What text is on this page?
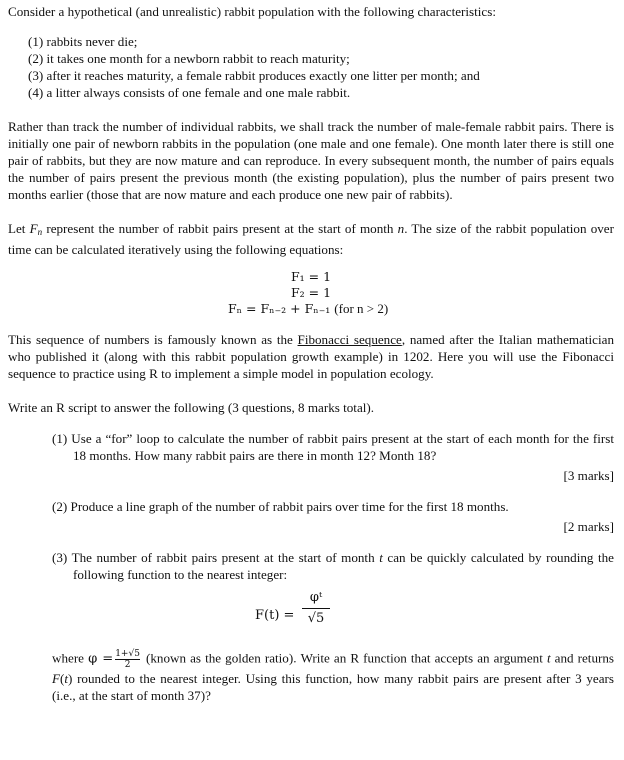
Consider a hypothetical (and unrealistic) rabbit population with the following characteristics:

(1) rabbits never die;
(2) it takes one month for a newborn rabbit to reach maturity;
(3) after it reaches maturity, a female rabbit produces exactly one litter per month; and
(4) a litter always consists of one female and one male rabbit.

Rather than track the number of individual rabbits, we shall track the number of male-female rabbit pairs. There is initially one pair of newborn rabbits in the population (one male and one female). One month later there is still one pair of rabbits, but they are now mature and can reproduce. In every subsequent month, the number of pairs equals the number of pairs present the previous month (the existing population), plus the number of pairs present two months earlier (those that are now mature and each produce one new pair of rabbits).

Let Fn represent the number of rabbit pairs present at the start of month n. The size of the rabbit population over time can be calculated iteratively using the following equations:

F₁ = 1
F₂ = 1
Fₙ = Fₙ₋₂ + Fₙ₋₁ (for n > 2)

This sequence of numbers is famously known as the Fibonacci sequence, named after the Italian mathematician who published it (along with this rabbit population growth example) in 1202. Here you will use the Fibonacci sequence to practice using R to implement a simple model in population ecology.

Write an R script to answer the following (3 questions, 8 marks total).

(1) Use a “for” loop to calculate the number of rabbit pairs present at the start of each month for the first 18 months. How many rabbit pairs are there in month 12? Month 18?
[3 marks]
(2) Produce a line graph of the number of rabbit pairs over time for the first 18 months.
[2 marks]
(3) The number of rabbit pairs present at the start of month t can be quickly calculated by rounding the following function to the nearest integer:
F(t) =
φᵗ
√5

where $\varphi = \frac{1+√5}{2}$ (known as the golden ratio). Write an R function that accepts an argument t and returns F(t) rounded to the nearest integer. Using this function, how many rabbit pairs are present after 3 years (i.e., at the start of month 37)?
